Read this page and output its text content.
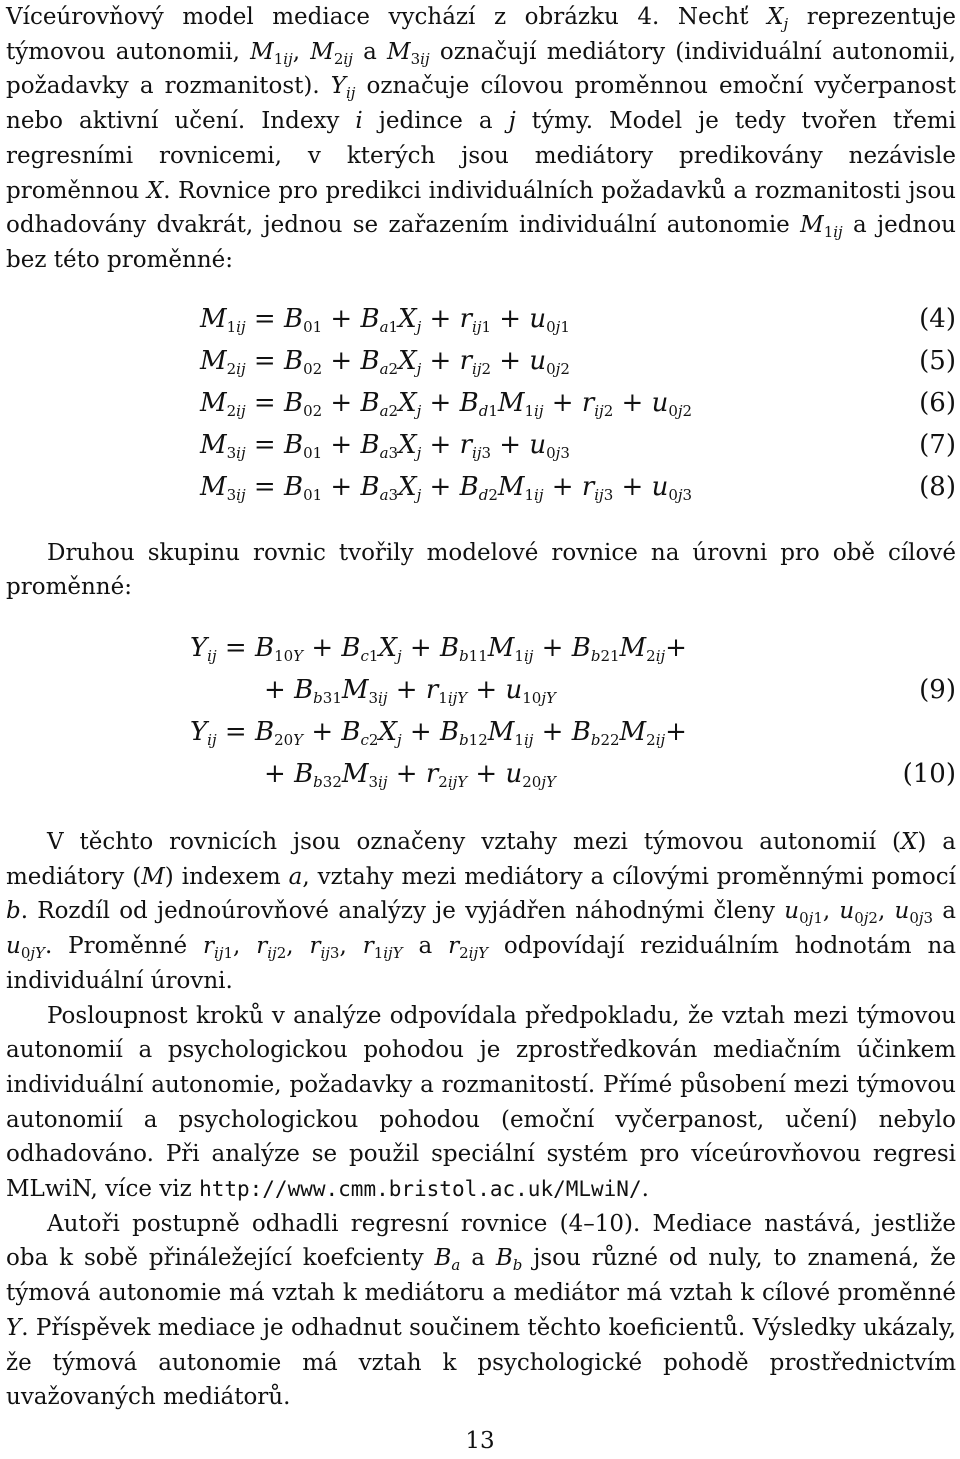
Víceúrovňový model mediace vychází z obrázku 4. Nechť $X_j$ reprezentuje týmovou autonomii, $M_{1ij}$, $M_{2ij}$ a $M_{3ij}$ označují mediátory (individuální autonomii, požadavky a rozmanitost). $Y_{ij}$ označuje cílovou proměnnou emoční vyčerpanost nebo aktivní učení. Indexy i jedince a j týmy. Model je tedy tvořen třemi regresními rovnicemi, v kterých jsou mediátory predikovány nezávisle proměnnou X. Rovnice pro predikci individuálních požadavků a rozmanitosti jsou odhadovány dvakrát, jednou se zařazením individuální autonomie $M_{1ij}$ a jednou bez této proměnné:

$M_{1ij} = B_{01} + B_{a1}X_j + r_{ij1} + u_{0j1}$	(4)
$M_{2ij} = B_{02} + B_{a2}X_j + r_{ij2} + u_{0j2}$	(5)
$M_{2ij} = B_{02} + B_{a2}X_j + B_{d1}M_{1ij} + r_{ij2} + u_{0j2}$	(6)
$M_{3ij} = B_{01} + B_{a3}X_j + r_{ij3} + u_{0j3}$	(7)
$M_{3ij} = B_{01} + B_{a3}X_j + B_{d2}M_{1ij} + r_{ij3} + u_{0j3}$	(8)

Druhou skupinu rovnic tvořily modelové rovnice na úrovni pro obě cílové proměnné:

$Y_{ij} = B_{10Y} + B_{c1}X_j + B_{b11}M_{1ij} + B_{b21}M_{2ij}+$
+ $B_{b31}M_{3ij} + r_{1ijY} + u_{10jY}$	(9)
$Y_{ij} = B_{20Y} + B_{c2}X_j + B_{b12}M_{1ij} + B_{b22}M_{2ij}+$
+ $B_{b32}M_{3ij} + r_{2ijY} + u_{20jY}$	(10)

V těchto rovnicích jsou označeny vztahy mezi týmovou autonomií (X) a mediátory (M) indexem a, vztahy mezi mediátory a cílovými proměnnými pomocí b. Rozdíl od jednoúrovňové analýzy je vyjádřen náhodnými členy $u_{0j1}$, $u_{0j2}$, $u_{0j3}$ a $u_{0jY}$. Proměnné $r_{ij1}$, $r_{ij2}$, $r_{ij3}$, $r_{1ijY}$ a $r_{2ijY}$ odpovídají reziduálním hodnotám na individuální úrovni.

Posloupnost kroků v analýze odpovídala předpokladu, že vztah mezi týmovou autonomií a psychologickou pohodou je zprostředkován mediačním účinkem individuální autonomie, požadavky a rozmanitostí. Přímé působení mezi týmovou autonomií a psychologickou pohodou (emoční vyčerpanost, učení) nebylo odhadováno. Při analýze se použil speciální systém pro víceúrovňovou regresi MLwiN, více viz http://www.cmm.bristol.ac.uk/MLwiN/.

Autoři postupně odhadli regresní rovnice (4–10). Mediace nastává, jestliže oba k sobě přináležející koefcienty $B_a$ a $B_b$ jsou různé od nuly, to znamená, že týmová autonomie má vztah k mediátoru a mediátor má vztah k cílové proměnné Y. Příspěvek mediace je odhadnut součinem těchto koeficientů. Výsledky ukázaly, že týmová autonomie má vztah k psychologické pohodě prostřednictvím uvažovaných mediátorů.

13
